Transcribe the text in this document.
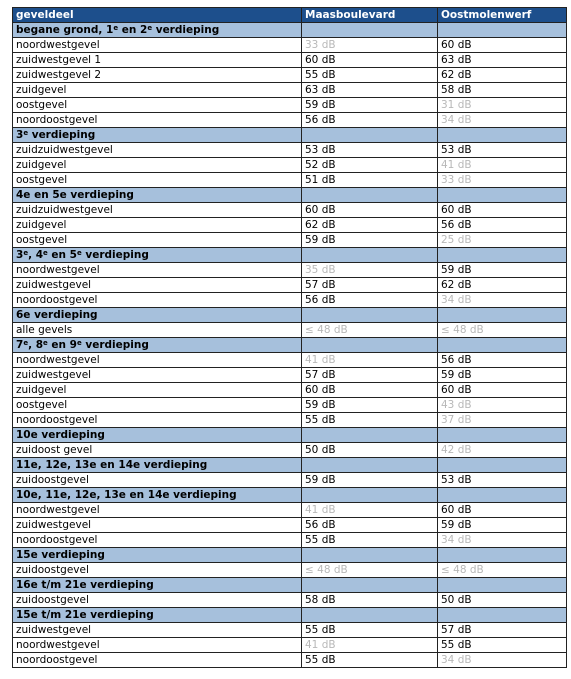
geveldeel	Maasboulevard	Oostmolenwerf
begane grond, 1e en 2e verdieping		
noordwestgevel	33 dB	60 dB
zuidwestgevel 1	60 dB	63 dB
zuidwestgevel 2	55 dB	62 dB
zuidgevel	63 dB	58 dB
oostgevel	59 dB	31 dB
noordoostgevel	56 dB	34 dB
3e verdieping		
zuidzuidwestgevel	53 dB	53 dB
zuidgevel	52 dB	41 dB
oostgevel	51 dB	33 dB
4e en 5e verdieping		
zuidzuidwestgevel	60 dB	60 dB
zuidgevel	62 dB	56 dB
oostgevel	59 dB	25 dB
3e, 4e en 5e verdieping		
noordwestgevel	35 dB	59 dB
zuidwestgevel	57 dB	62 dB
noordoostgevel	56 dB	34 dB
6e verdieping		
alle gevels	≤ 48 dB	≤ 48 dB
7e, 8e en 9e verdieping		
noordwestgevel	41 dB	56 dB
zuidwestgevel	57 dB	59 dB
zuidgevel	60 dB	60 dB
oostgevel	59 dB	43 dB
noordoostgevel	55 dB	37 dB
10e verdieping		
zuidoost gevel	50 dB	42 dB
11e, 12e, 13e en 14e verdieping		
zuidoostgevel	59 dB	53 dB
10e, 11e, 12e, 13e en 14e verdieping		
noordwestgevel	41 dB	60 dB
zuidwestgevel	56 dB	59 dB
noordoostgevel	55 dB	34 dB
15e verdieping		
zuidoostgevel	≤ 48 dB	≤ 48 dB
16e t/m 21e verdieping		
zuidoostgevel	58 dB	50 dB
15e t/m 21e verdieping		
zuidwestgevel	55 dB	57 dB
noordwestgevel	41 dB	55 dB
noordoostgevel	55 dB	34 dB
